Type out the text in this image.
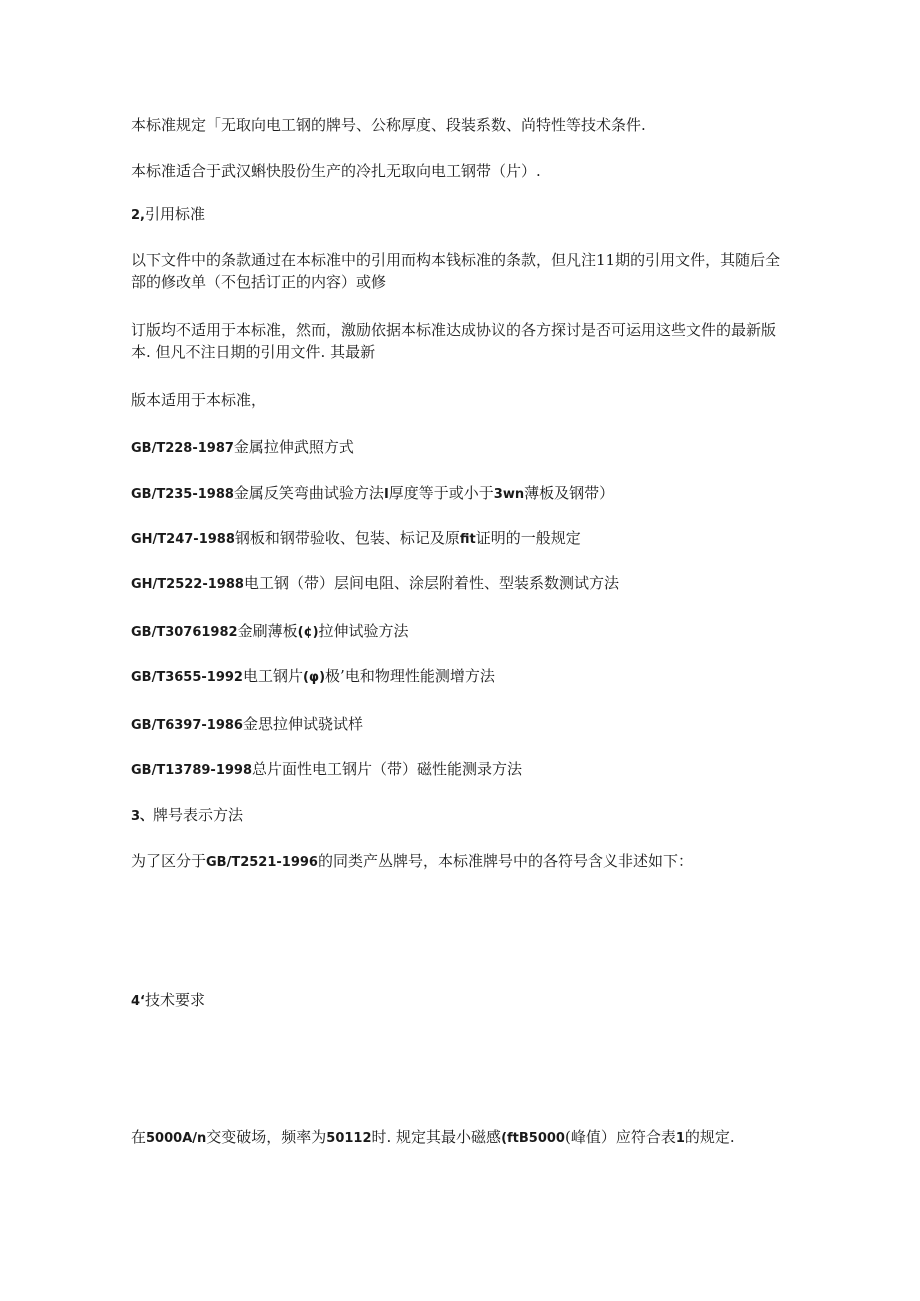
本标准规定「无取向电工钢的牌号、公称厚度、段装系数、尚特性等技术条件.

本标准适合于武汉蝌快股份生产的冷扎无取向电工钢带（片）.

2,引用标准

以下文件中的条款通过在本标准中的引用而构本钱标准的条款，但凡注11期的引用文件，其随后全部的修改单（不包括订正的内容）或修

订版均不适用于本标准，然而，激励依据本标准达成协议的各方探讨是否可运用这些文件的最新版本. 但凡不注日期的引用文件. 其最新

版本适用于本标准，

GB/T228-1987金属拉伸武照方式

GB/T235-1988金属反笑弯曲试验方法I厚度等于或小于3wn薄板及钢带）

GH/T247-1988钢板和钢带验收、包装、标记及原fit证明的一般规定

GH/T2522-1988电工钢（带）层间电阻、涂层附着性、型装系数测试方法

GB/T30761982金刷薄板(¢)拉伸试验方法

GB/T3655-1992电工钢片(φ)极’电和物理性能测增方法

GB/T6397-1986金思拉伸试骁试样

GB/T13789-1998总片面性电工钢片（带）磁性能测录方法

3、牌号表示方法

为了区分于GB/T2521-1996的同类产丛牌号，本标准牌号中的各符号含义非述如下：

4‘技术要求

在5000A/n交变破场，频率为50112时. 规定其最小磁感(ftB5000(峰值）应符合表1的规定.
